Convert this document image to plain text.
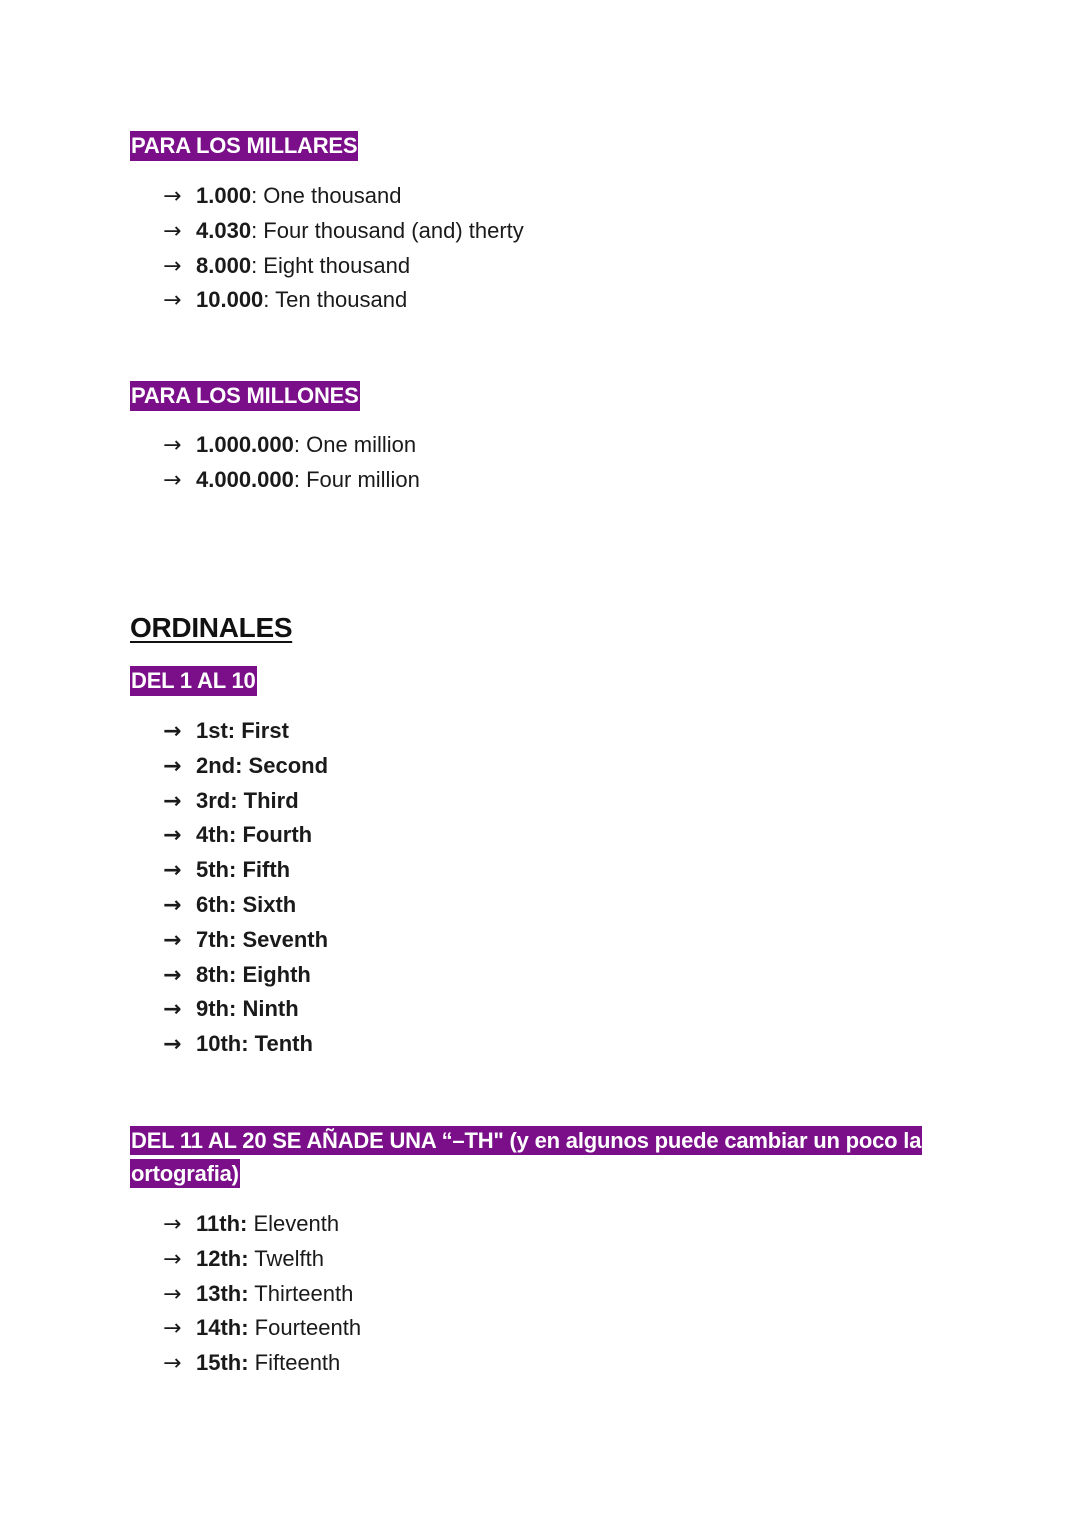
PARA LOS MILLARES
→ 1.000: One thousand
→ 4.030: Four thousand (and) therty
→ 8.000: Eight thousand
→ 10.000: Ten thousand
PARA LOS MILLONES
→ 1.000.000: One million
→ 4.000.000: Four million
ORDINALES
DEL 1 AL 10
→ 1st: First
→ 2nd: Second
→ 3rd: Third
→ 4th: Fourth
→ 5th: Fifth
→ 6th: Sixth
→ 7th: Seventh
→ 8th: Eighth
→ 9th: Ninth
→ 10th: Tenth
DEL 11 AL 20 SE AÑADE UNA “–TH" (y en algunos puede cambiar un poco la ortografia)
→ 11th: Eleventh
→ 12th: Twelfth
→ 13th: Thirteenth
→ 14th: Fourteenth
→ 15th: Fifteenth
